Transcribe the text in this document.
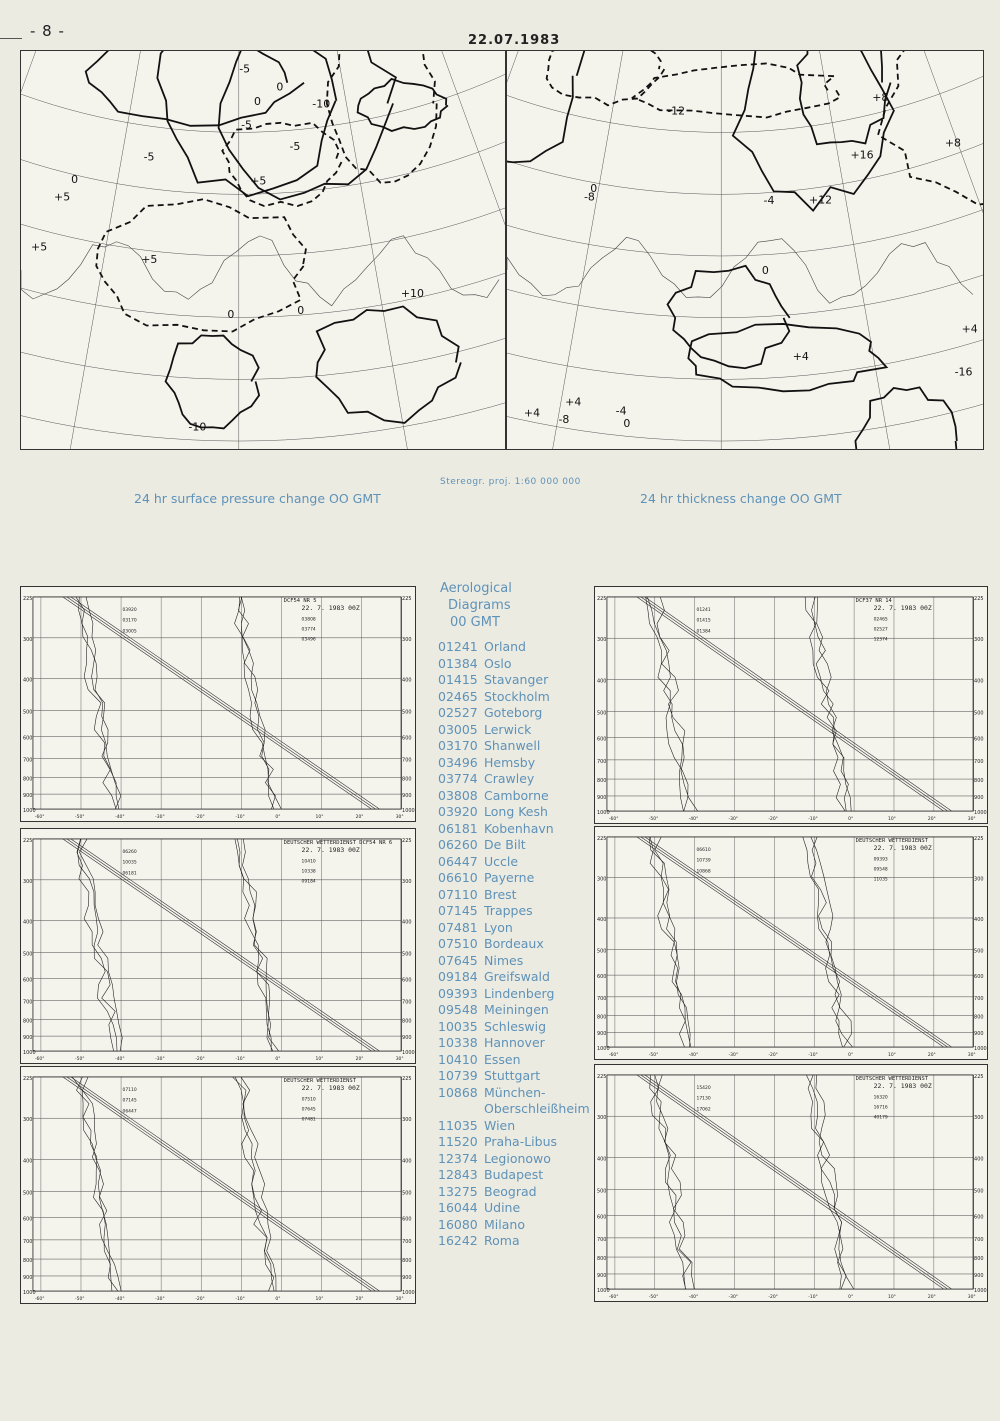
- 8 -
22.07.1983
-5
+5
-10
+10
0
-5
+5
+5
-5
0
0
+5
-5
-10
0
0
-4
+4
+8
-8	-4
+4
+8
+12
-12
-16
+16
-8
0
0
+4
+4
0
Stereogr. proj. 1:60 000 000
24 hr surface pressure change OO GMT	24 hr thickness change OO GMT
225	225
300	300
400	400
500	500
600	600
700	700
800	800
900	900
1000	1000
-60°	-50°	-40°	-30°	-20°	-10°	0°	10°	20°	30°
DCF54 NR 5
22. 7. 1983 00Z
03920
03170
03005
03808
03774
03496
225	225
300	300
400	400
500	500
600	600
700	700
800	800
900	900
1000	1000
-60°	-50°	-40°	-30°	-20°	-10°	0°	10°	20°	30°
DCF37 NR 14
22. 7. 1983 00Z
01241
01415
01384
02465
02527
12374
225	225
300	300
400	400
500	500
600	600
700	700
800	800
900	900
1000	1000
-60°	-50°	-40°	-30°	-20°	-10°	0°	10°	20°	30°
DEUTSCHER WETTERDIENST DCF54 NR 6
22. 7. 1983 00Z
06260
10035
06181
10410
10338
09184
225	225
300	300
400	400
500	500
600	600
700	700
800	800
900	900
1000	1000
-60°	-50°	-40°	-30°	-20°	-10°	0°	10°	20°	30°
DEUTSCHER WETTERDIENST
22. 7. 1983 00Z
06610
10739
10868
09393
09548
11035
225	225
300	300
400	400
500	500
600	600
700	700
800	800
900	900
1000	1000
-60°	-50°	-40°	-30°	-20°	-10°	0°	10°	20°	30°
DEUTSCHER WETTERDIENST
22. 7. 1983 00Z
07110
07145
06447
07510
07645
07481
225	225
300	300
400	400
500	500
600	600
700	700
800	800
900	900
1000	1000
-60°	-50°	-40°	-30°	-20°	-10°	0°	10°	20°	30°
DEUTSCHER WETTERDIENST
22. 7. 1983 00Z
15420
17130
17062
16320
16716
40179
Aerological
Diagrams
00 GMT
01241 Orland
01384 Oslo
01415 Stavanger
02465 Stockholm
02527 Goteborg
03005 Lerwick
03170 Shanwell
03496 Hemsby
03774 Crawley
03808 Camborne
03920 Long Kesh
06181 Kobenhavn
06260 De Bilt
06447 Uccle
06610 Payerne
07110 Brest
07145 Trappes
07481 Lyon
07510 Bordeaux
07645 Nimes
09184 Greifswald
09393 Lindenberg
09548 Meiningen
10035 Schleswig
10338 Hannover
10410 Essen
10739 Stuttgart
10868 München-
Oberschleißheim
11035 Wien
11520 Praha-Libus
12374 Legionowo
12843 Budapest
13275 Beograd
16044 Udine
16080 Milano
16242 Roma
